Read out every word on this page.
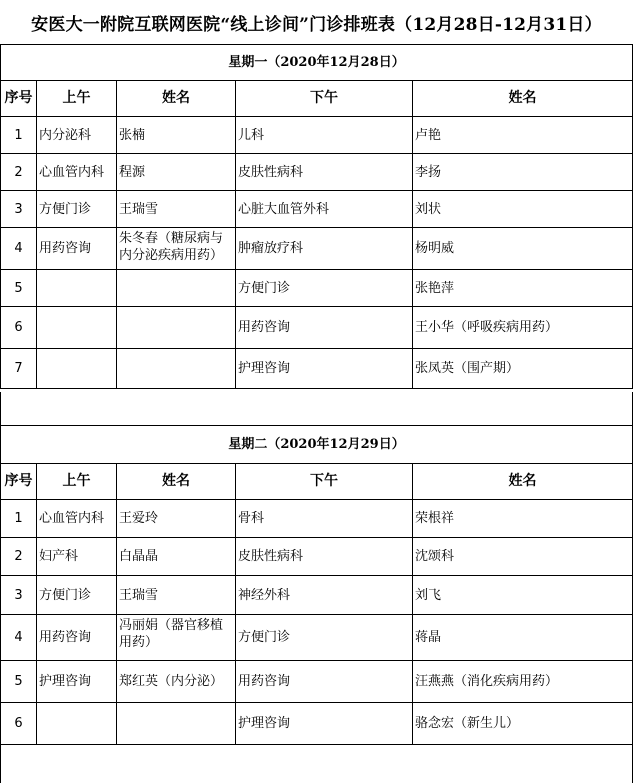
安医大一附院互联网医院“线上诊间”门诊排班表（12月28日-12月31日）
星期一（2020年12月28日）				
序号	上午	姓名	下午	姓名
1	内分泌科	张楠	儿科	卢艳
2	心血管内科	程源	皮肤性病科	李扬
3	方便门诊	王瑞雪	心脏大血管外科	刘状
4	用药咨询	朱冬春（糖尿病与内分泌疾病用药）	肿瘤放疗科	杨明威
5			方便门诊	张艳萍
6			用药咨询	王小华（呼吸疾病用药）
7			护理咨询	张凤英（围产期）
星期二（2020年12月29日）				
序号	上午	姓名	下午	姓名
1	心血管内科	王爱玲	骨科	荣根祥
2	妇产科	白晶晶	皮肤性病科	沈颂科
3	方便门诊	王瑞雪	神经外科	刘飞
4	用药咨询	冯丽娟（器官移植用药）	方便门诊	蒋晶
5	护理咨询	郑红英（内分泌）	用药咨询	汪燕燕（消化疾病用药）
6			护理咨询	骆念宏（新生儿）
